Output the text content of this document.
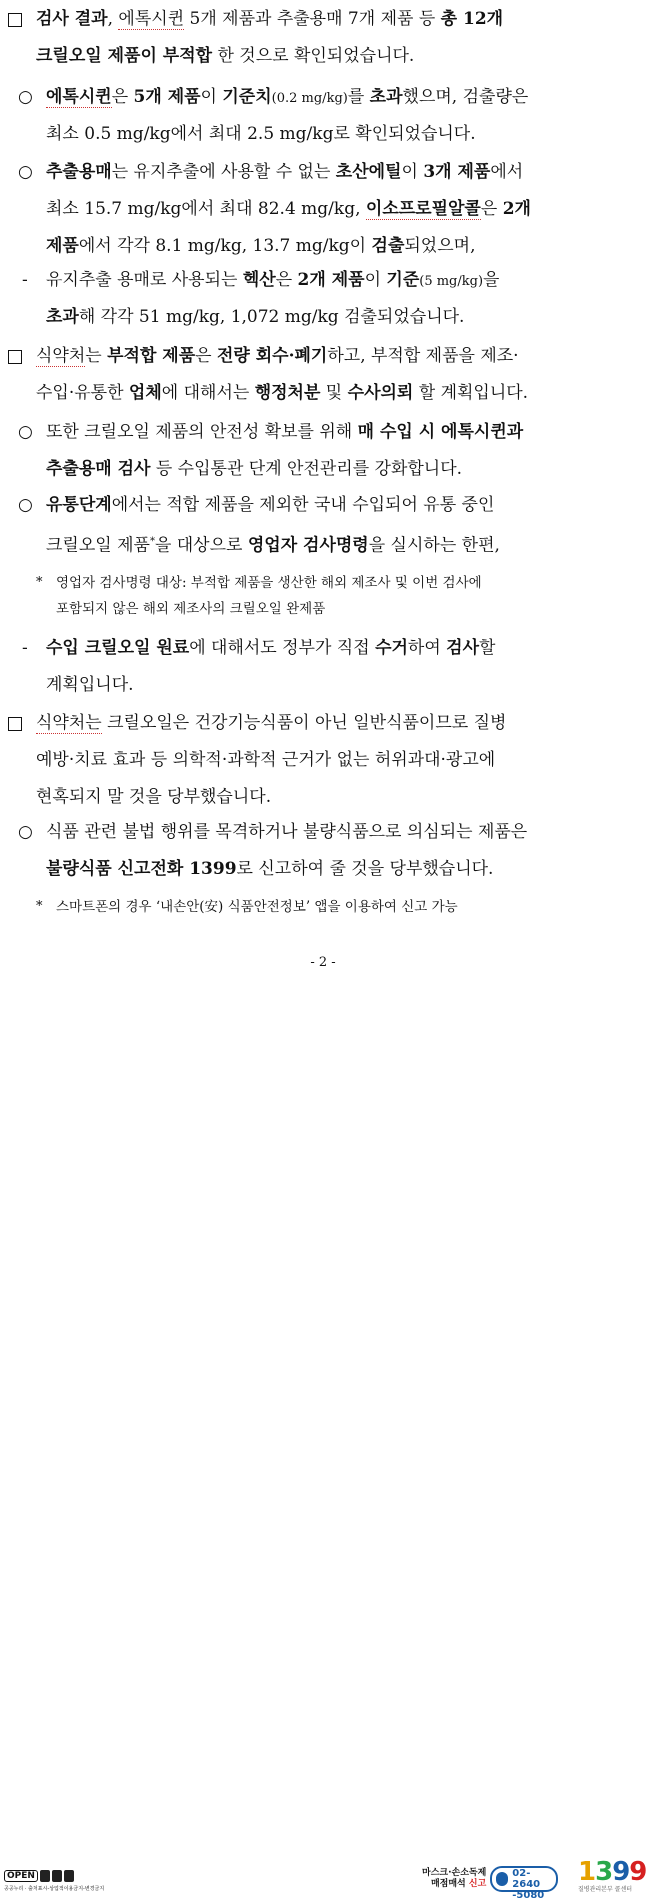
검사 결과, 에톡시퀸 5개 제품과 추출용매 7개 제품 등 총 12개
크릴오일 제품이 부적합 한 것으로 확인되었습니다.
○ 에톡시퀸은 5개 제품이 기준치(0.2 mg/kg)를 초과했으며, 검출량은
최소 0.5 mg/kg에서 최대 2.5 mg/kg로 확인되었습니다.
○ 추출용매는 유지추출에 사용할 수 없는 초산에틸이 3개 제품에서
최소 15.7 mg/kg에서 최대 82.4 mg/kg, 이소프로필알콜은 2개
제품에서 각각 8.1 mg/kg, 13.7 mg/kg이 검출되었으며,
- 유지추출 용매로 사용되는 헥산은 2개 제품이 기준(5 mg/kg)을
초과해 각각 51 mg/kg, 1,072 mg/kg 검출되었습니다.
식약처는 부적합 제품은 전량 회수·폐기하고, 부적합 제품을 제조·
수입·유통한 업체에 대해서는 행정처분 및 수사의뢰 할 계획입니다.
○ 또한 크릴오일 제품의 안전성 확보를 위해 매 수입 시 에톡시퀸과
추출용매 검사 등 수입통관 단계 안전관리를 강화합니다.
○ 유통단계에서는 적합 제품을 제외한 국내 수입되어 유통 중인
크릴오일 제품*을 대상으로 영업자 검사명령을 실시하는 한편,
* 영업자 검사명령 대상: 부적합 제품을 생산한 해외 제조사 및 이번 검사에
포함되지 않은 해외 제조사의 크릴오일 완제품
- 수입 크릴오일 원료에 대해서도 정부가 직접 수거하여 검사할
계획입니다.
식약처는 크릴오일은 건강기능식품이 아닌 일반식품이므로 질병
예방·치료 효과 등 의학적·과학적 근거가 없는 허위과대·광고에
현혹되지 말 것을 당부했습니다.
○ 식품 관련 불법 행위를 목격하거나 불량식품으로 의심되는 제품은
불량식품 신고전화 1399로 신고하여 줄 것을 당부했습니다.
* 스마트폰의 경우 ‘내손안(安) 식품안전정보’ 앱을 이용하여 신고 가능
OPEN
공공누리 · 출처표시-상업적이용금지-변경금지
마스크·손소독제
매점매석 신고
02-2640
-5080
1399
질병관리본부 콜센터
- 2 -
